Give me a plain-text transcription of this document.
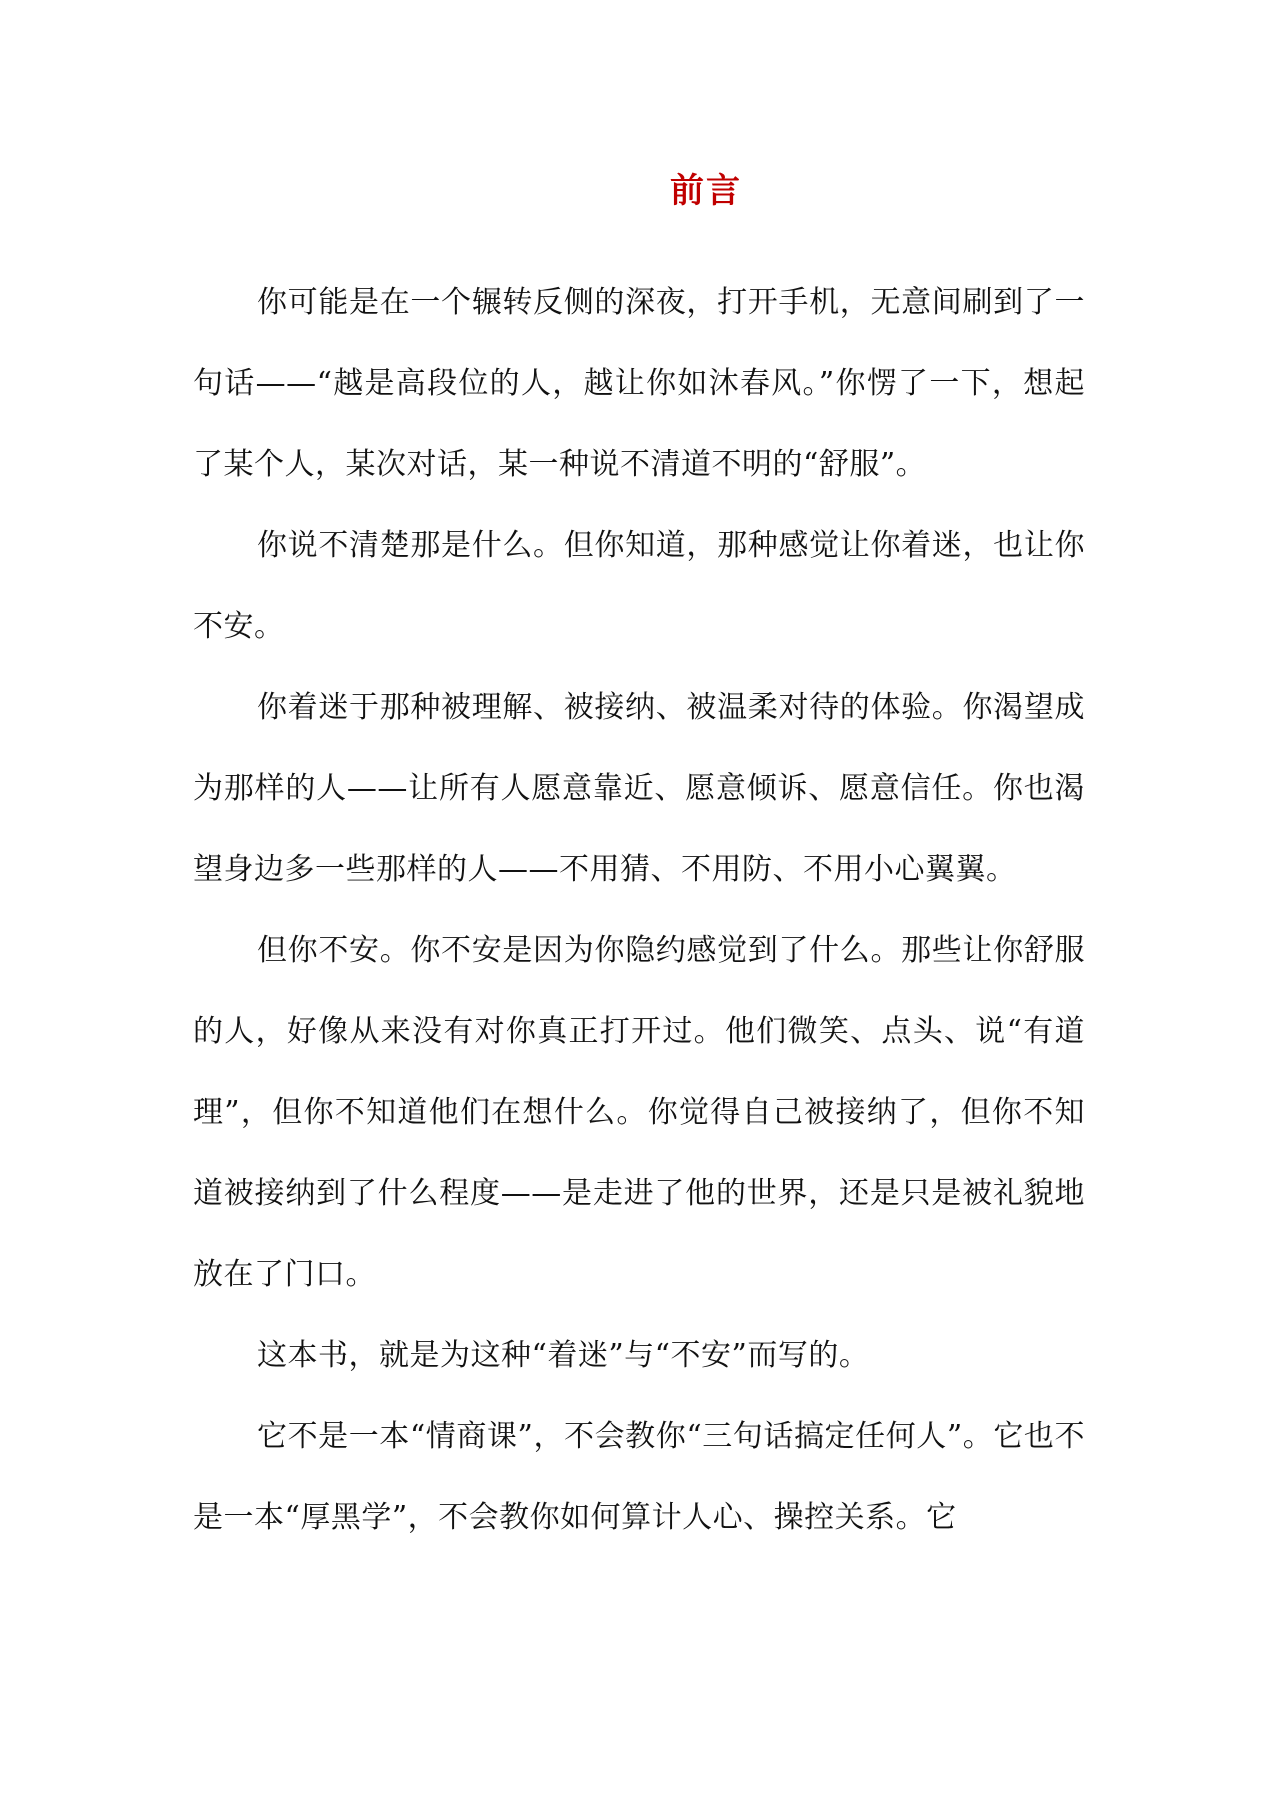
前言

你可能是在一个辗转反侧的深夜，打开手机，无意间刷到了一句话——“越是高段位的人，越让你如沐春风。”你愣了一下，想起了某个人，某次对话，某一种说不清道不明的“舒服”。

你说不清楚那是什么。但你知道，那种感觉让你着迷，也让你不安。

你着迷于那种被理解、被接纳、被温柔对待的体验。你渴望成为那样的人——让所有人愿意靠近、愿意倾诉、愿意信任。你也渴望身边多一些那样的人——不用猜、不用防、不用小心翼翼。

但你不安。你不安是因为你隐约感觉到了什么。那些让你舒服的人，好像从来没有对你真正打开过。他们微笑、点头、说“有道理”，但你不知道他们在想什么。你觉得自己被接纳了，但你不知道被接纳到了什么程度——是走进了他的世界，还是只是被礼貌地放在了门口。

这本书，就是为这种“着迷”与“不安”而写的。

它不是一本“情商课”，不会教你“三句话搞定任何人”。它也不是一本“厚黑学”，不会教你如何算计人心、操控关系。它
